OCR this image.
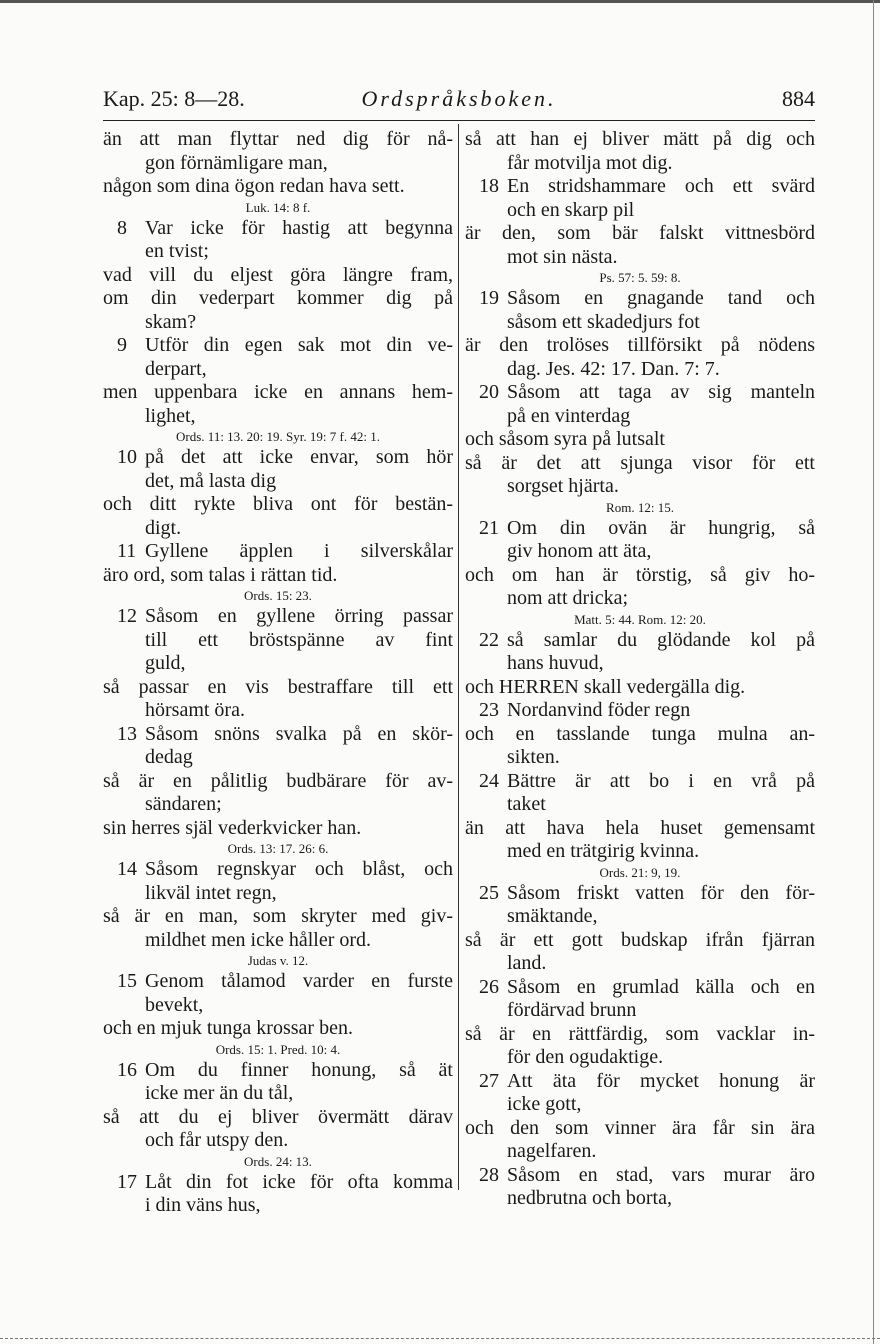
Kap. 25: 8—28.	Ordspråksboken.	884
än att man flyttar ned dig för nå-
gon förnämligare man,
någon som dina ögon redan hava sett.
Luk. 14: 8 f.
8 Var icke för hastig att begynna
en tvist;
vad vill du eljest göra längre fram,
om din vederpart kommer dig på
skam?
9 Utför din egen sak mot din ve-
derpart,
men uppenbara icke en annans hem-
lighet,
Ords. 11: 13. 20: 19. Syr. 19: 7 f. 42: 1.
10 på det att icke envar, som hör
det, må lasta dig
och ditt rykte bliva ont för bestän-
digt.
11 Gyllene äpplen i silverskålar
äro ord, som talas i rättan tid.
Ords. 15: 23.
12 Såsom en gyllene örring passar
till ett bröstspänne av fint
guld,
så passar en vis bestraffare till ett
hörsamt öra.
13 Såsom snöns svalka på en skör-
dedag
så är en pålitlig budbärare för av-
sändaren;
sin herres själ vederkvicker han.
Ords. 13: 17. 26: 6.
14 Såsom regnskyar och blåst, och
likväl intet regn,
så är en man, som skryter med giv-
mildhet men icke håller ord.
Judas v. 12.
15 Genom tålamod varder en furste
bevekt,
och en mjuk tunga krossar ben.
Ords. 15: 1. Pred. 10: 4.
16 Om du finner honung, så ät
icke mer än du tål,
så att du ej bliver övermätt därav
och får utspy den.
Ords. 24: 13.
17 Låt din fot icke för ofta komma
i din väns hus,
så att han ej bliver mätt på dig och
får motvilja mot dig.
18 En stridshammare och ett svärd
och en skarp pil
är den, som bär falskt vittnesbörd
mot sin nästa.
Ps. 57: 5. 59: 8.
19 Såsom en gnagande tand och
såsom ett skadedjurs fot
är den trolöses tillförsikt på nödens
dag. Jes. 42: 17. Dan. 7: 7.
20 Såsom att taga av sig manteln
på en vinterdag
och såsom syra på lutsalt
så är det att sjunga visor för ett
sorgset hjärta.
Rom. 12: 15.
21 Om din ovän är hungrig, så
giv honom att äta,
och om han är törstig, så giv ho-
nom att dricka;
Matt. 5: 44. Rom. 12: 20.
22 så samlar du glödande kol på
hans huvud,
och HERREN skall vedergälla dig.
23 Nordanvind föder regn
och en tasslande tunga mulna an-
sikten.
24 Bättre är att bo i en vrå på
taket
än att hava hela huset gemensamt
med en trätgirig kvinna.
Ords. 21: 9, 19.
25 Såsom friskt vatten för den för-
smäktande,
så är ett gott budskap ifrån fjärran
land.
26 Såsom en grumlad källa och en
fördärvad brunn
så är en rättfärdig, som vacklar in-
för den ogudaktige.
27 Att äta för mycket honung är
icke gott,
och den som vinner ära får sin ära
nagelfaren.
28 Såsom en stad, vars murar äro
nedbrutna och borta,
